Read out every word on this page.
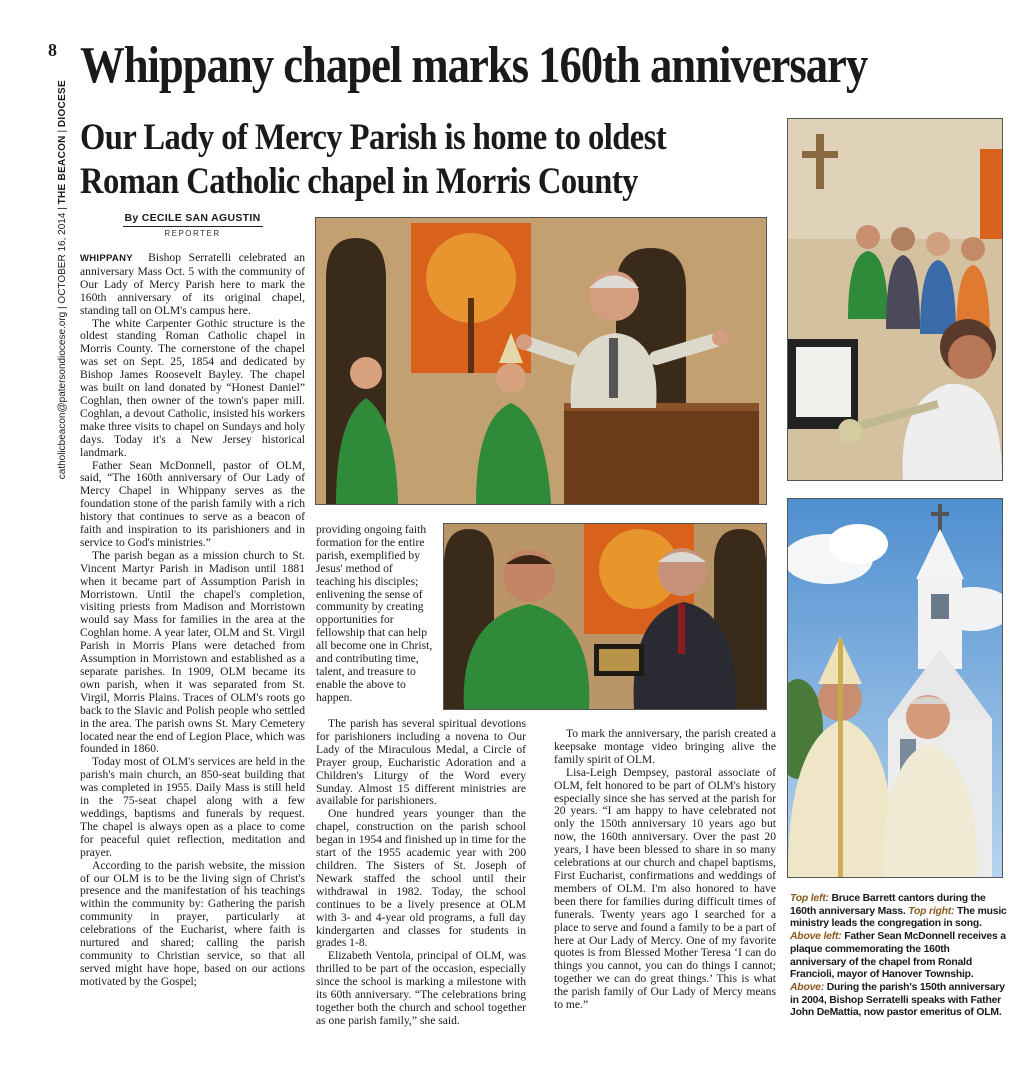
8
catholicbeacon@patersondiocese.org | OCTOBER 16, 2014 | THE BEACON | DIOCESE
Whippany chapel marks 160th anniversary
Our Lady of Mercy Parish is home to oldest Roman Catholic chapel in Morris County
By CECILE SAN AGUSTIN
REPORTER

WHIPPANY Bishop Serratelli celebrated an anniversary Mass Oct. 5 with the community of Our Lady of Mercy Parish here to mark the 160th anniversary of its original chapel, standing tall on OLM's campus here.

The white Carpenter Gothic structure is the oldest standing Roman Catholic chapel in Morris County. The cornerstone of the chapel was set on Sept. 25, 1854 and dedicated by Bishop James Roosevelt Bayley. The chapel was built on land donated by “Honest Daniel” Coghlan, then owner of the town's paper mill. Coghlan, a devout Catholic, insisted his workers make three visits to chapel on Sundays and holy days. Today it's a New Jersey historical landmark.

Father Sean McDonnell, pastor of OLM, said, “The 160th anniversary of Our Lady of Mercy Chapel in Whippany serves as the foundation stone of the parish family with a rich history that continues to serve as a beacon of faith and inspiration to its parishioners and in service to God's ministries.”

The parish began as a mission church to St. Vincent Martyr Parish in Madison until 1881 when it became part of Assumption Parish in Morristown. Until the chapel's completion, visiting priests from Madison and Morristown would say Mass for families in the area at the Coghlan home. A year later, OLM and St. Virgil Parish in Morris Plans were detached from Assumption in Morristown and established as a separate parishes. In 1909, OLM became its own parish, when it was separated from St. Virgil, Morris Plains. Traces of OLM's roots go back to the Slavic and Polish people who settled in the area. The parish owns St. Mary Cemetery located near the end of Legion Place, which was founded in 1860.

Today most of OLM's services are held in the parish's main church, an 850-seat building that was completed in 1955. Daily Mass is still held in the 75-seat chapel along with a few weddings, baptisms and funerals by request. The chapel is always open as a place to come for peaceful quiet reflection, meditation and prayer.

According to the parish website, the mission of our OLM is to be the living sign of Christ's presence and the manifestation of his teachings within the community by: Gathering the parish community in prayer, particularly at celebrations of the Eucharist, where faith is nurtured and shared; calling the parish community to Christian service, so that all served might have hope, based on our actions motivated by the Gospel;

providing ongoing faith formation for the entire parish, exemplified by Jesus' method of teaching his disciples; enlivening the sense of community by creating opportunities for fellowship that can help all become one in Christ, and contributing time, talent, and treasure to enable the above to happen.

The parish has several spiritual devotions for parishioners including a novena to Our Lady of the Miraculous Medal, a Circle of Prayer group, Eucharistic Adoration and a Children's Liturgy of the Word every Sunday. Almost 15 different ministries are available for parishioners.

One hundred years younger than the chapel, construction on the parish school began in 1954 and finished up in time for the start of the 1955 academic year with 200 children. The Sisters of St. Joseph of Newark staffed the school until their withdrawal in 1982. Today, the school continues to be a lively presence at OLM with 3- and 4-year old programs, a full day kindergarten and classes for students in grades 1-8.

Elizabeth Ventola, principal of OLM, was thrilled to be part of the occasion, especially since the school is marking a milestone with its 60th anniversary. “The celebrations bring together both the church and school together as one parish family,” she said.

To mark the anniversary, the parish created a keepsake montage video bringing alive the family spirit of OLM.

Lisa-Leigh Dempsey, pastoral associate of OLM, felt honored to be part of OLM's history especially since she has served at the parish for 20 years. “I am happy to have celebrated not only the 150th anniversary 10 years ago but now, the 160th anniversary. Over the past 20 years, I have been blessed to share in so many celebrations at our church and chapel baptisms, First Eucharist, confirmations and weddings of members of OLM. I'm also honored to have been there for families during difficult times of funerals. Twenty years ago I searched for a place to serve and found a family to be a part of here at Our Lady of Mercy. One of my favorite quotes is from Blessed Mother Teresa ‘I can do things you cannot, you can do things I cannot; together we can do great things.’ This is what the parish family of Our Lady of Mercy means to me.”

Top left: Bruce Barrett cantors during the 160th anniversary Mass. Top right: The music ministry leads the congregation in song. Above left: Father Sean McDonnell receives a plaque commemorating the 160th anniversary of the chapel from Ronald Francioli, mayor of Hanover Township. Above: During the parish's 150th anniversary in 2004, Bishop Serratelli speaks with Father John DeMattia, now pastor emeritus of OLM.
